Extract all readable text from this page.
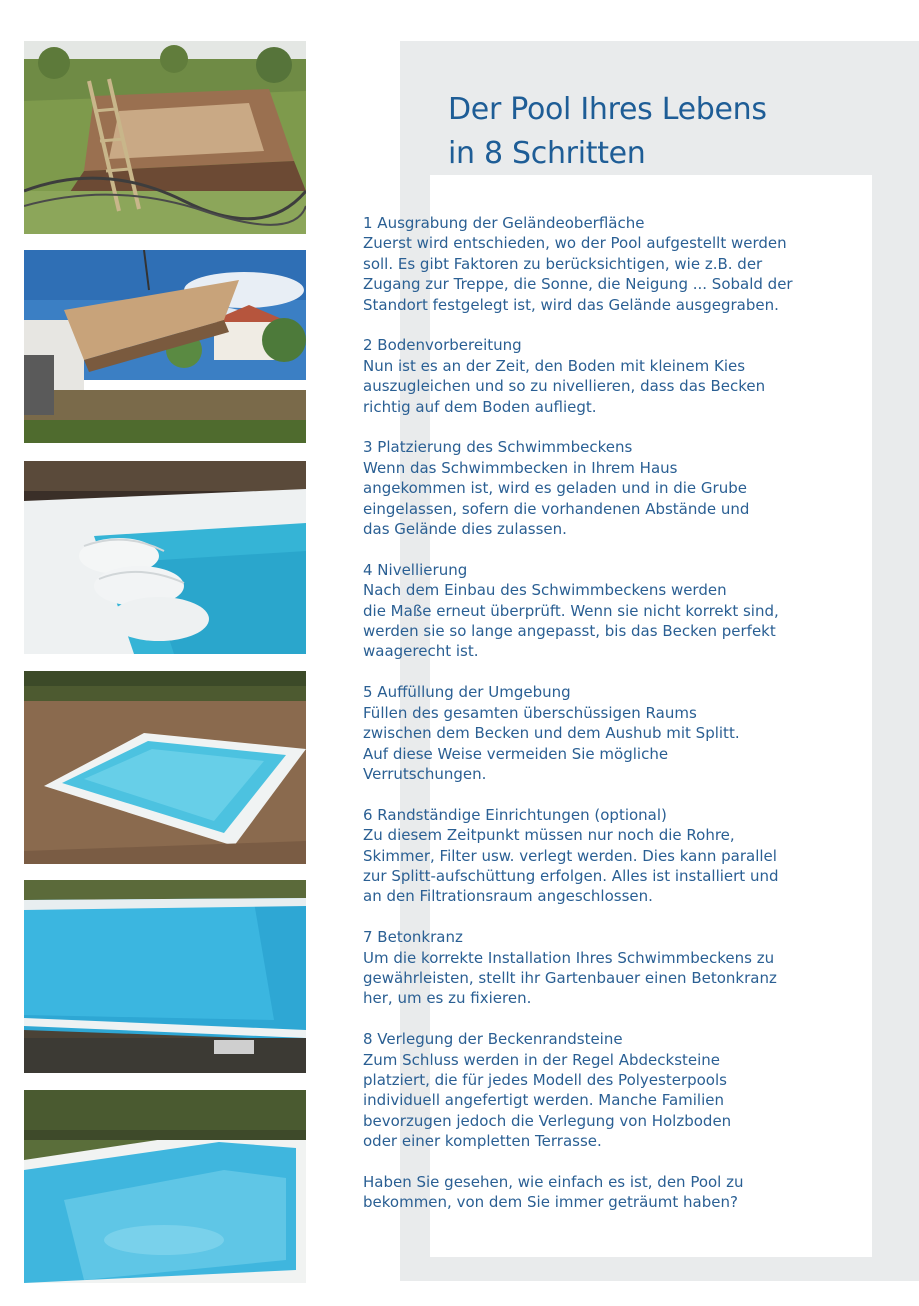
Der Pool Ihres Lebens
in 8 Schritten
1 Ausgrabung der Geländeoberfläche
Zuerst wird entschieden, wo der Pool aufgestellt werden
soll. Es gibt Faktoren zu berücksichtigen, wie z.B. der
Zugang zur Treppe, die Sonne, die Neigung ... Sobald der
Standort festgelegt ist, wird das Gelände ausgegraben.
2 Bodenvorbereitung
Nun ist es an der Zeit, den Boden mit kleinem Kies
auszugleichen und so zu nivellieren, dass das Becken
richtig auf dem Boden aufliegt.
3 Platzierung des Schwimmbeckens
Wenn das Schwimmbecken in Ihrem Haus
angekommen ist, wird es geladen und in die Grube
eingelassen, sofern die vorhandenen Abstände und
das Gelände dies zulassen.
4 Nivellierung
Nach dem Einbau des Schwimmbeckens werden
die Maße erneut überprüft. Wenn sie nicht korrekt sind,
werden sie so lange angepasst, bis das Becken perfekt
waagerecht ist.
5 Auffüllung der Umgebung
Füllen des gesamten überschüssigen Raums
zwischen dem Becken und dem Aushub mit Splitt.
Auf diese Weise vermeiden Sie mögliche
Verrutschungen.
6 Randständige Einrichtungen (optional)
Zu diesem Zeitpunkt müssen nur noch die Rohre,
Skimmer, Filter usw. verlegt werden. Dies kann parallel
zur Splitt-aufschüttung erfolgen. Alles ist installiert und
an den Filtrationsraum angeschlossen.
7 Betonkranz
Um die korrekte Installation Ihres Schwimmbeckens zu
gewährleisten, stellt ihr Gartenbauer einen Betonkranz
her, um es zu fixieren.
8 Verlegung der Beckenrandsteine
Zum Schluss werden in der Regel Abdecksteine
platziert, die für jedes Modell des Polyesterpools
individuell angefertigt werden. Manche Familien
bevorzugen jedoch die Verlegung von Holzboden
oder einer kompletten Terrasse.
Haben Sie gesehen, wie einfach es ist, den Pool zu
bekommen, von dem Sie immer geträumt haben?
